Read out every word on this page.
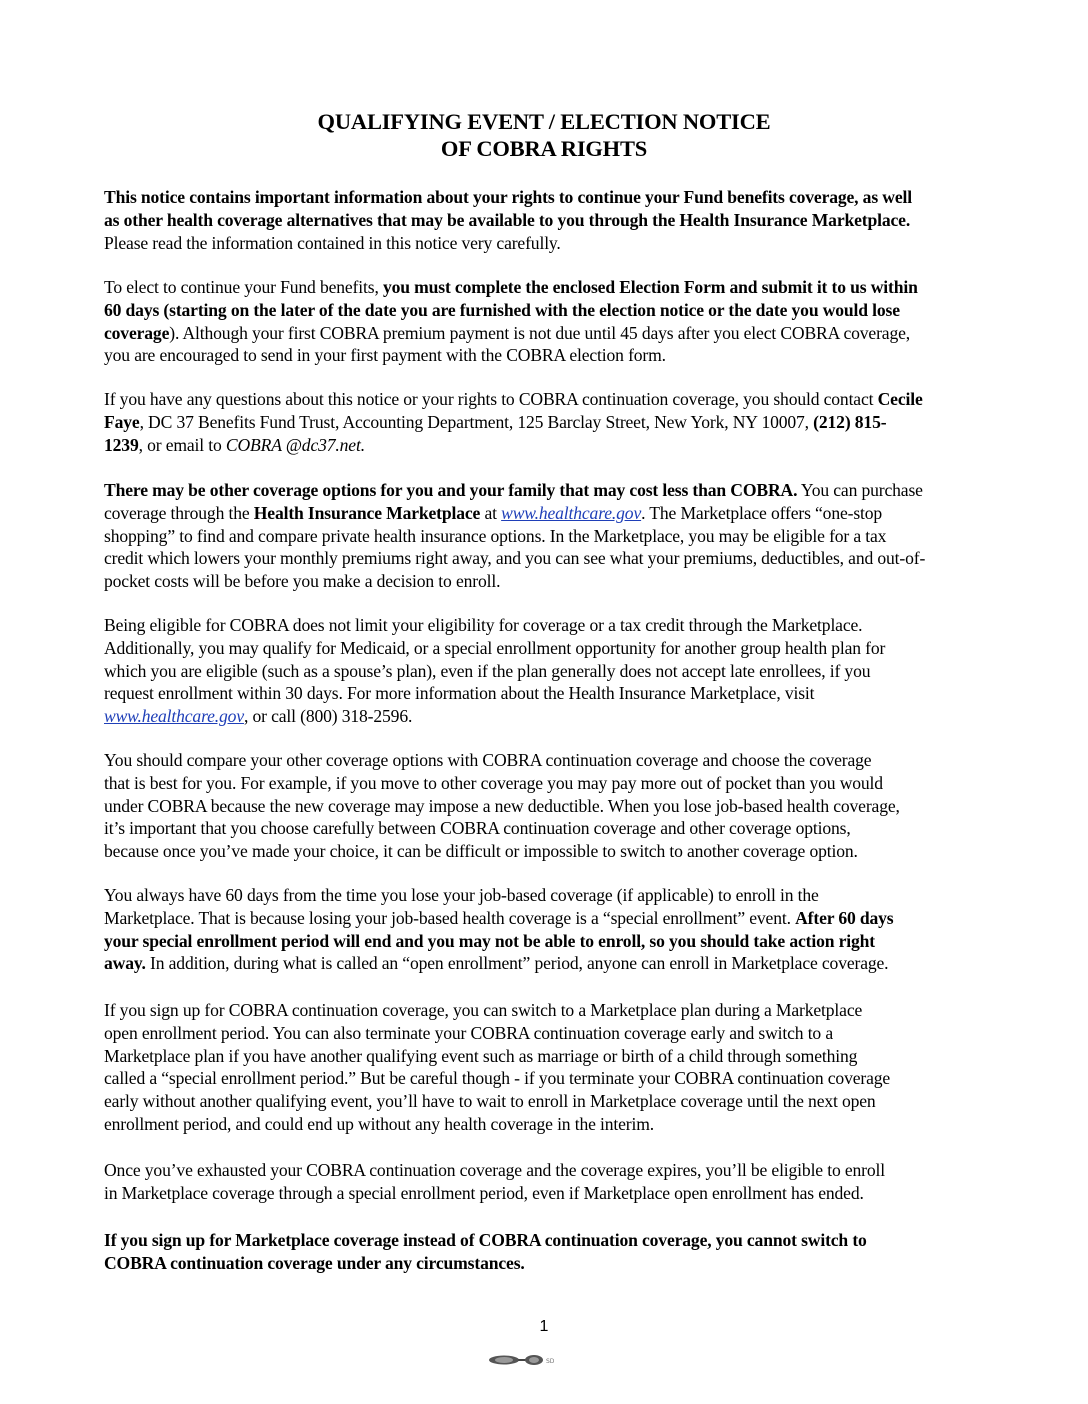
QUALIFYING EVENT / ELECTION NOTICE
OF COBRA RIGHTS
This notice contains important information about your rights to continue your Fund benefits coverage, as well
as other health coverage alternatives that may be available to you through the Health Insurance Marketplace.
Please read the information contained in this notice very carefully.
To elect to continue your Fund benefits, you must complete the enclosed Election Form and submit it to us within
60 days (starting on the later of the date you are furnished with the election notice or the date you would lose
coverage). Although your first COBRA premium payment is not due until 45 days after you elect COBRA coverage,
you are encouraged to send in your first payment with the COBRA election form.
If you have any questions about this notice or your rights to COBRA continuation coverage, you should contact Cecile
Faye, DC 37 Benefits Fund Trust, Accounting Department, 125 Barclay Street, New York, NY 10007, (212) 815-
1239, or email to COBRA @dc37.net.
There may be other coverage options for you and your family that may cost less than COBRA. You can purchase
coverage through the Health Insurance Marketplace at www.healthcare.gov. The Marketplace offers “one-stop
shopping” to find and compare private health insurance options. In the Marketplace, you may be eligible for a tax
credit which lowers your monthly premiums right away, and you can see what your premiums, deductibles, and out-of-
pocket costs will be before you make a decision to enroll.
Being eligible for COBRA does not limit your eligibility for coverage or a tax credit through the Marketplace.
Additionally, you may qualify for Medicaid, or a special enrollment opportunity for another group health plan for
which you are eligible (such as a spouse’s plan), even if the plan generally does not accept late enrollees, if you
request enrollment within 30 days. For more information about the Health Insurance Marketplace, visit
www.healthcare.gov, or call (800) 318-2596.
You should compare your other coverage options with COBRA continuation coverage and choose the coverage
that is best for you. For example, if you move to other coverage you may pay more out of pocket than you would
under COBRA because the new coverage may impose a new deductible. When you lose job-based health coverage,
it’s important that you choose carefully between COBRA continuation coverage and other coverage options,
because once you’ve made your choice, it can be difficult or impossible to switch to another coverage option.
You always have 60 days from the time you lose your job-based coverage (if applicable) to enroll in the
Marketplace. That is because losing your job-based health coverage is a “special enrollment” event. After 60 days
your special enrollment period will end and you may not be able to enroll, so you should take action right
away. In addition, during what is called an “open enrollment” period, anyone can enroll in Marketplace coverage.
If you sign up for COBRA continuation coverage, you can switch to a Marketplace plan during a Marketplace
open enrollment period. You can also terminate your COBRA continuation coverage early and switch to a
Marketplace plan if you have another qualifying event such as marriage or birth of a child through something
called a “special enrollment period.” But be careful though - if you terminate your COBRA continuation coverage
early without another qualifying event, you’ll have to wait to enroll in Marketplace coverage until the next open
enrollment period, and could end up without any health coverage in the interim.
Once you’ve exhausted your COBRA continuation coverage and the coverage expires, you’ll be eligible to enroll
in Marketplace coverage through a special enrollment period, even if Marketplace open enrollment has ended.
If you sign up for Marketplace coverage instead of COBRA continuation coverage, you cannot switch to
COBRA continuation coverage under any circumstances.
1
SD
